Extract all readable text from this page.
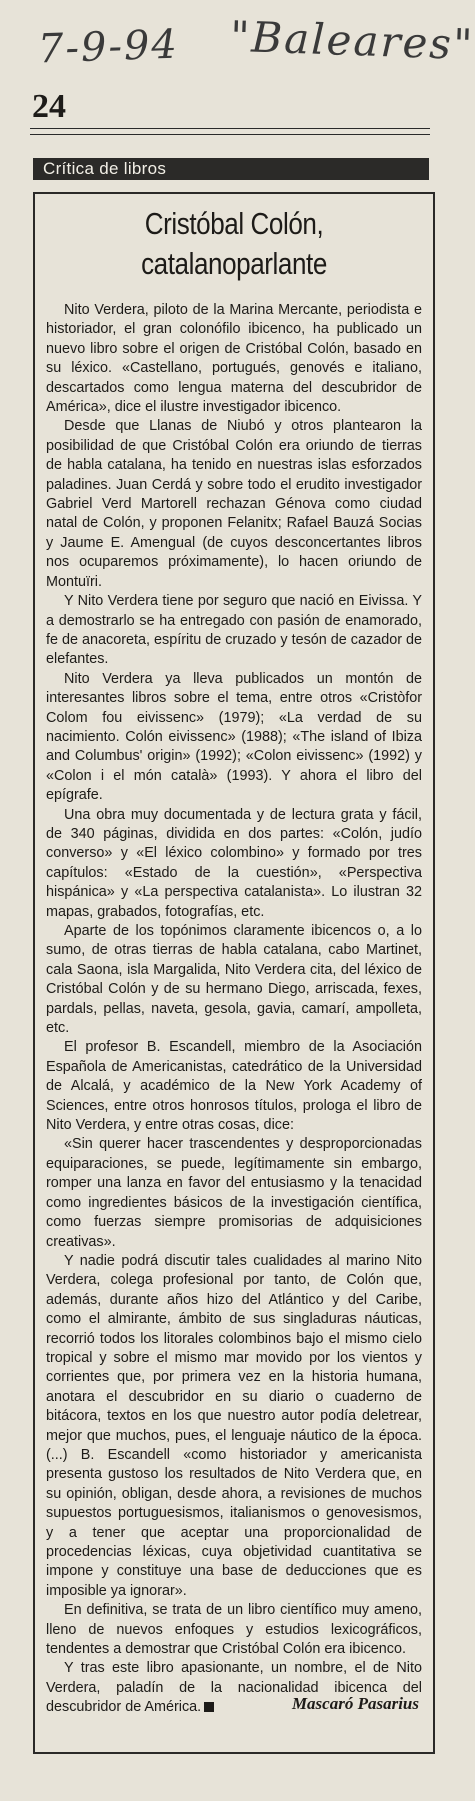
7-9-94 "Baleares"
24
Crítica de libros
Cristóbal Colón,
catalanoparlante

Nito Verdera, piloto de la Marina Mercante, periodista e historiador, el gran colonófilo ibicenco, ha publicado un nuevo libro sobre el origen de Cristóbal Colón, basado en su léxico. «Castellano, portugués, genovés e italiano, descartados como lengua materna del descubridor de América», dice el ilustre investigador ibicenco.

Desde que Llanas de Niubó y otros plantearon la posibilidad de que Cristóbal Colón era oriundo de tierras de habla catalana, ha tenido en nuestras islas esforzados paladines. Juan Cerdá y sobre todo el erudito investigador Gabriel Verd Martorell rechazan Génova como ciudad natal de Colón, y proponen Felanitx; Rafael Bauzá Socias y Jaume E. Amengual (de cuyos desconcertantes libros nos ocuparemos próximamente), lo hacen oriundo de Montuïri.

Y Nito Verdera tiene por seguro que nació en Eivissa. Y a demostrarlo se ha entregado con pasión de enamorado, fe de anacoreta, espíritu de cruzado y tesón de cazador de elefantes.

Nito Verdera ya lleva publicados un montón de interesantes libros sobre el tema, entre otros «Cristòfor Colom fou eivissenc» (1979); «La verdad de su nacimiento. Colón eivissenc» (1988); «The island of Ibiza and Columbus' origin» (1992); «Colon eivissenc» (1992) y «Colon i el món català» (1993). Y ahora el libro del epígrafe.

Una obra muy documentada y de lectura grata y fácil, de 340 páginas, dividida en dos partes: «Colón, judío converso» y «El léxico colombino» y formado por tres capítulos: «Estado de la cuestión», «Perspectiva hispánica» y «La perspectiva catalanista». Lo ilustran 32 mapas, grabados, fotografías, etc.

Aparte de los topónimos claramente ibicencos o, a lo sumo, de otras tierras de habla catalana, cabo Martinet, cala Saona, isla Margalida, Nito Verdera cita, del léxico de Cristóbal Colón y de su hermano Diego, arriscada, fexes, pardals, pellas, naveta, gesola, gavia, camarí, ampolleta, etc.

El profesor B. Escandell, miembro de la Asociación Española de Americanistas, catedrático de la Universidad de Alcalá, y académico de la New York Academy of Sciences, entre otros honrosos títulos, prologa el libro de Nito Verdera, y entre otras cosas, dice:

«Sin querer hacer trascendentes y desproporcionadas equiparaciones, se puede, legítimamente sin embargo, romper una lanza en favor del entusiasmo y la tenacidad como ingredientes básicos de la investigación científica, como fuerzas siempre promisorias de adquisiciones creativas».

Y nadie podrá discutir tales cualidades al marino Nito Verdera, colega profesional por tanto, de Colón que, además, durante años hizo del Atlántico y del Caribe, como el almirante, ámbito de sus singladuras náuticas, recorrió todos los litorales colombinos bajo el mismo cielo tropical y sobre el mismo mar movido por los vientos y corrientes que, por primera vez en la historia humana, anotara el descubridor en su diario o cuaderno de bitácora, textos en los que nuestro autor podía deletrear, mejor que muchos, pues, el lenguaje náutico de la época. (...) B. Escandell «como historiador y americanista presenta gustoso los resultados de Nito Verdera que, en su opinión, obligan, desde ahora, a revisiones de muchos supuestos portuguesismos, italianismos o genovesismos, y a tener que aceptar una proporcionalidad de procedencias léxicas, cuya objetividad cuantitativa se impone y constituye una base de deducciones que es imposible ya ignorar».

En definitiva, se trata de un libro científico muy ameno, lleno de nuevos enfoques y estudios lexicográficos, tendentes a demostrar que Cristóbal Colón era ibicenco.

Y tras este libro apasionante, un nombre, el de Nito Verdera, paladín de la nacionalidad ibicenca del descubridor de América.	Mascaró Pasarius
